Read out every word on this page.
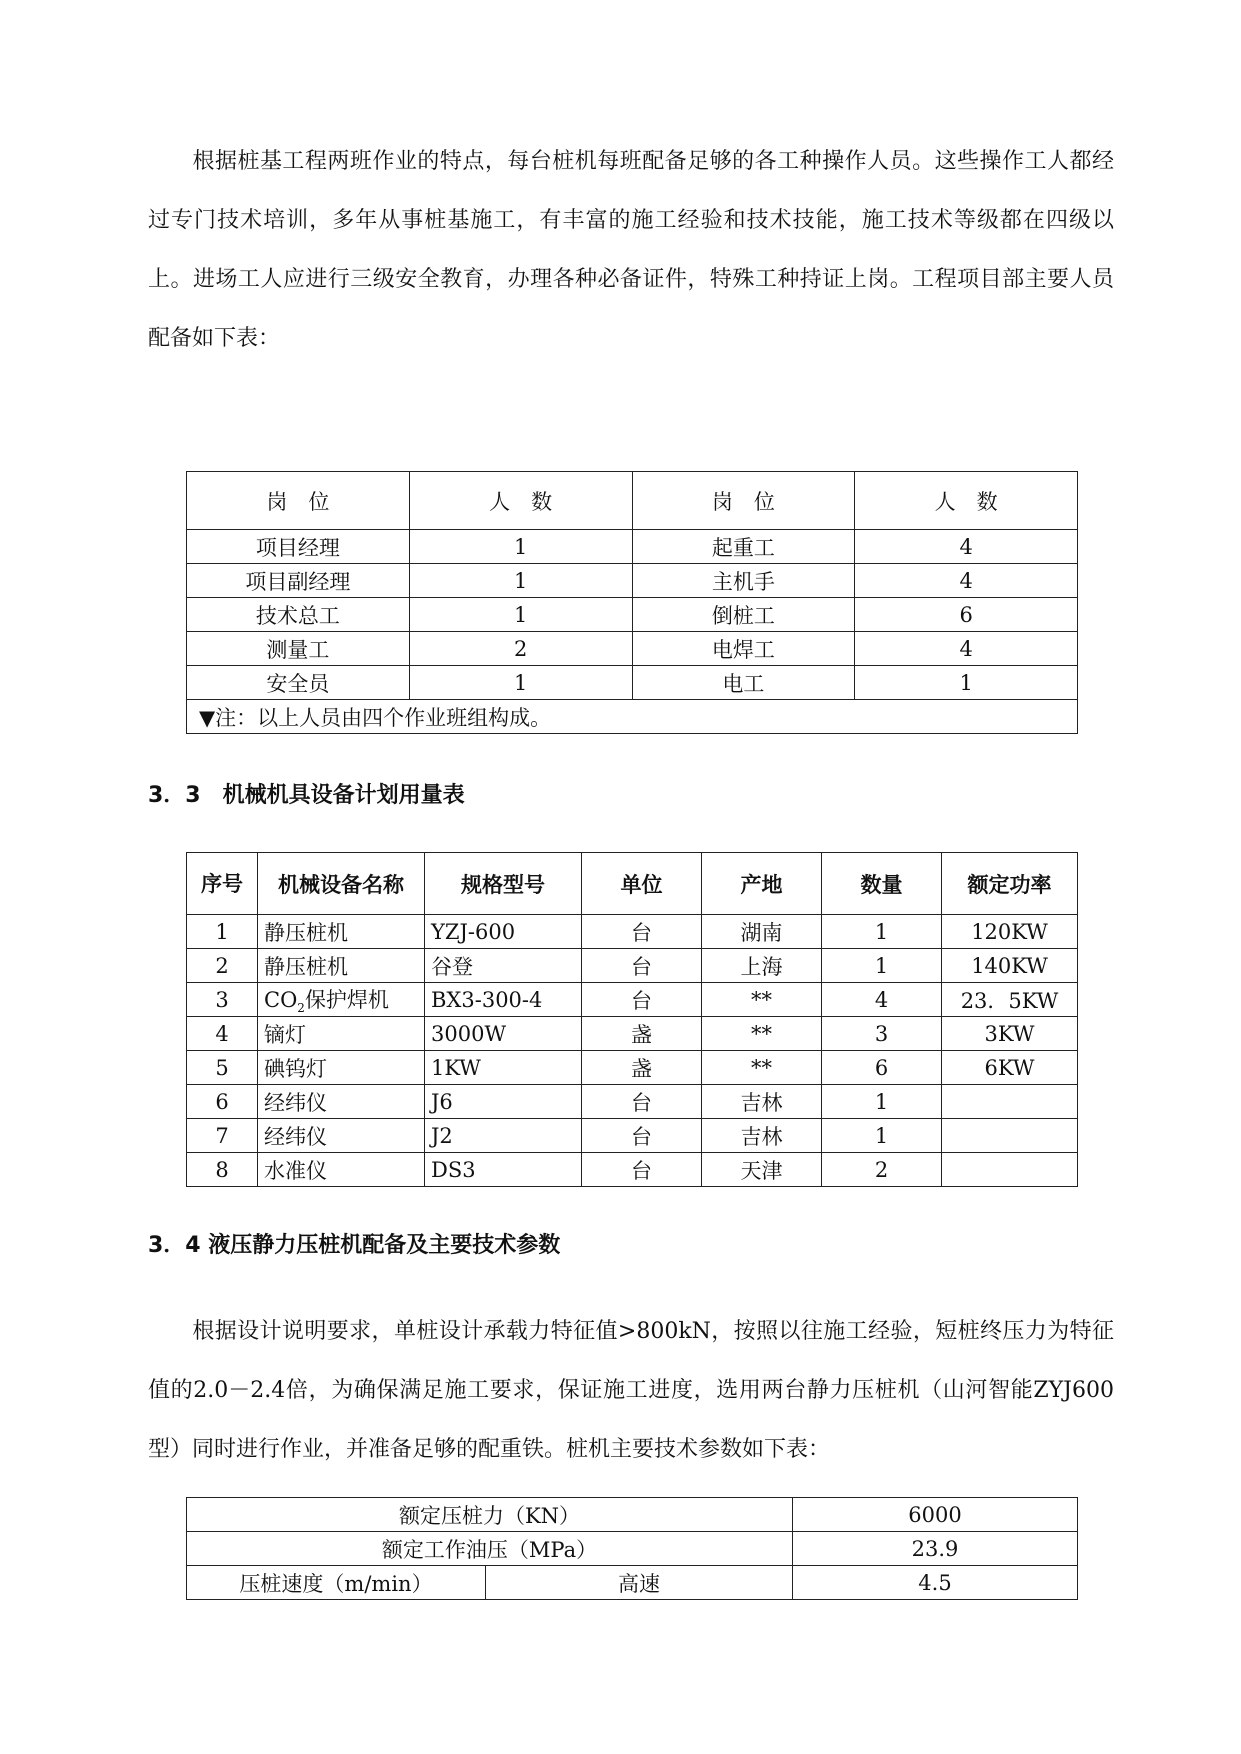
根据桩基工程两班作业的特点，每台桩机每班配备足够的各工种操作人员。这些操作工人都经过专门技术培训，多年从事桩基施工，有丰富的施工经验和技术技能，施工技术等级都在四级以上。进场工人应进行三级安全教育，办理各种必备证件，特殊工种持证上岗。工程项目部主要人员配备如下表：

岗　位	人　数	岗　位	人　数
项目经理	1	起重工	4
项目副经理	1	主机手	4
技术总工	1	倒桩工	6
测量工	2	电焊工	4
安全员	1	电工	1
▼注：以上人员由四个作业班组构成。			

3．3　机械机具设备计划用量表

序号	机械设备名称	规格型号	单位	产地	数量	额定功率
1	静压桩机	YZJ-600	台	湖南	1	120KW
2	静压桩机	谷登	台	上海	1	140KW
3	$CO_2$保护焊机	BX3-300-4	台	**	4	23．5KW
4	镝灯	3000W	盏	**	3	3KW
5	碘钨灯	1KW	盏	**	6	6KW
6	经纬仪	J6	台	吉林	1	
7	经纬仪	J2	台	吉林	1	
8	水准仪	DS3	台	天津	2	

3．4 液压静力压桩机配备及主要技术参数

根据设计说明要求，单桩设计承载力特征值>800kN，按照以往施工经验，短桩终压力为特征值的2.0－2.4倍，为确保满足施工要求，保证施工进度，选用两台静力压桩机（山河智能ZYJ600型）同时进行作业，并准备足够的配重铁。桩机主要技术参数如下表：

额定压桩力（KN）		6000
额定工作油压（MPa）		23.9
压桩速度（m/min）	高速	4.5
